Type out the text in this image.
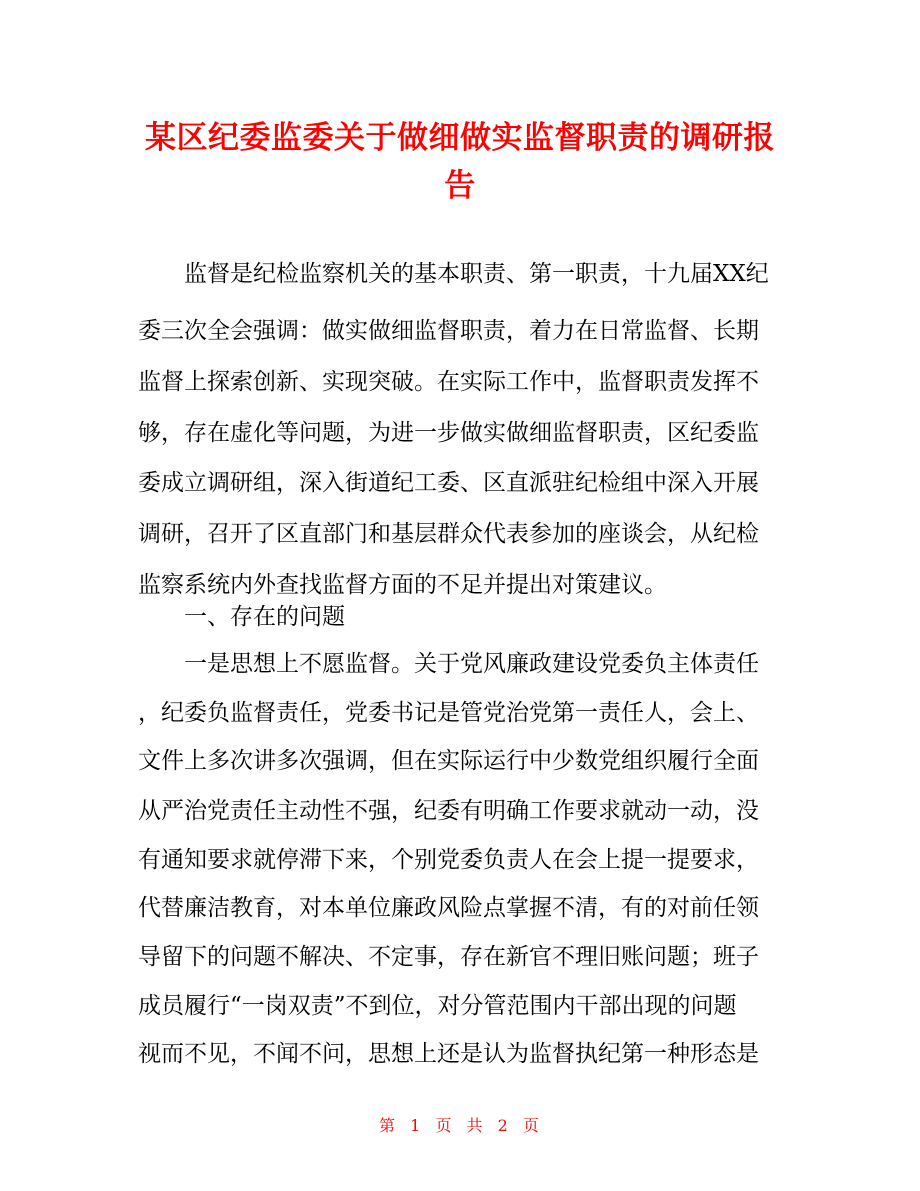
某区纪委监委关于做细做实监督职责的调研报
告
监督是纪检监察机关的基本职责、第一职责，十九届XX纪
委三次全会强调：做实做细监督职责，着力在日常监督、长期
监督上探索创新、实现突破。在实际工作中，监督职责发挥不
够，存在虚化等问题，为进一步做实做细监督职责，区纪委监
委成立调研组，深入街道纪工委、区直派驻纪检组中深入开展
调研，召开了区直部门和基层群众代表参加的座谈会，从纪检
监察系统内外查找监督方面的不足并提出对策建议。
一、存在的问题
一是思想上不愿监督。关于党风廉政建设党委负主体责任
，纪委负监督责任，党委书记是管党治党第一责任人，会上、
文件上多次讲多次强调，但在实际运行中少数党组织履行全面
从严治党责任主动性不强，纪委有明确工作要求就动一动，没
有通知要求就停滞下来，个别党委负责人在会上提一提要求，
代替廉洁教育，对本单位廉政风险点掌握不清，有的对前任领
导留下的问题不解决、不定事，存在新官不理旧账问题；班子
成员履行“一岗双责”不到位，对分管范围内干部出现的问题
视而不见，不闻不问，思想上还是认为监督执纪第一种形态是
第 1 页 共 2 页
